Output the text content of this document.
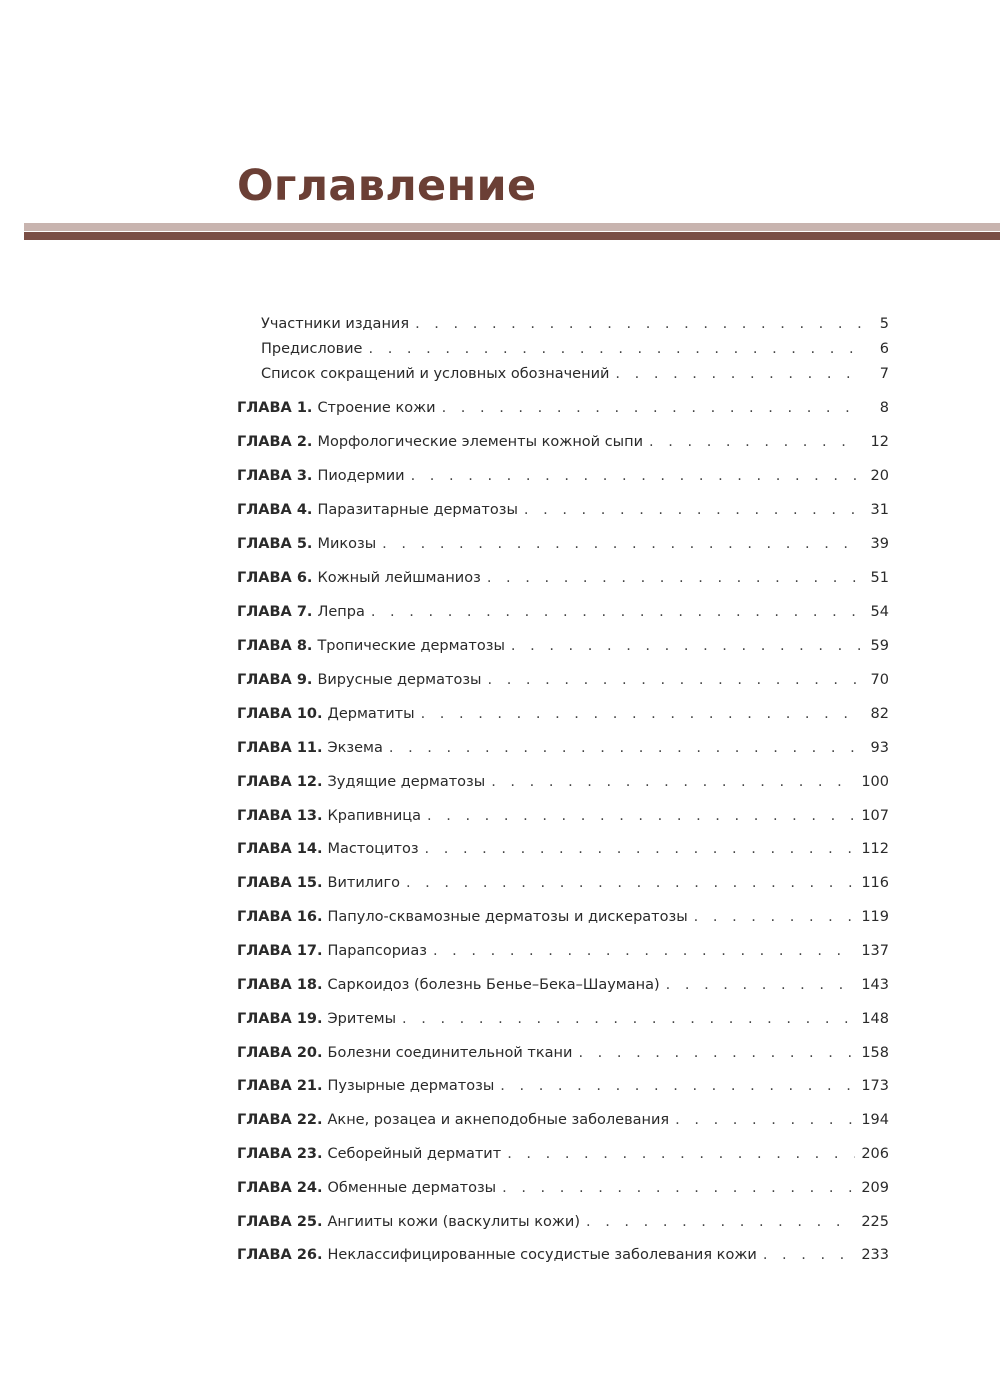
Оглавление
Участники издания . . .	5
Предисловие . . .	6
Список сокращений и условных обозначений . . .	7
ГЛАВА 1. Строение кожи . . .	8
ГЛАВА 2. Морфологические элементы кожной сыпи . . .	12
ГЛАВА 3. Пиодермии . . .	20
ГЛАВА 4. Паразитарные дерматозы . . .	31
ГЛАВА 5. Микозы . . .	39
ГЛАВА 6. Кожный лейшманиоз . . .	51
ГЛАВА 7. Лепра . . .	54
ГЛАВА 8. Тропические дерматозы . . .	59
ГЛАВА 9. Вирусные дерматозы . . .	70
ГЛАВА 10. Дерматиты . . .	82
ГЛАВА 11. Экзема . . .	93
ГЛАВА 12. Зудящие дерматозы . . .	100
ГЛАВА 13. Крапивница . . .	107
ГЛАВА 14. Мастоцитоз . . .	112
ГЛАВА 15. Витилиго . . .	116
ГЛАВА 16. Папуло-сквамозные дерматозы и дискератозы . . .	119
ГЛАВА 17. Парапсориаз . . .	137
ГЛАВА 18. Саркоидоз (болезнь Бенье–Бека–Шаумана) . . .	143
ГЛАВА 19. Эритемы . . .	148
ГЛАВА 20. Болезни соединительной ткани . . .	158
ГЛАВА 21. Пузырные дерматозы . . .	173
ГЛАВА 22. Акне, розацеа и акнеподобные заболевания . . .	194
ГЛАВА 23. Себорейный дерматит . . .	206
ГЛАВА 24. Обменные дерматозы . . .	209
ГЛАВА 25. Ангииты кожи (васкулиты кожи) . . .	225
ГЛАВА 26. Неклассифицированные сосудистые заболевания кожи . . .	233
